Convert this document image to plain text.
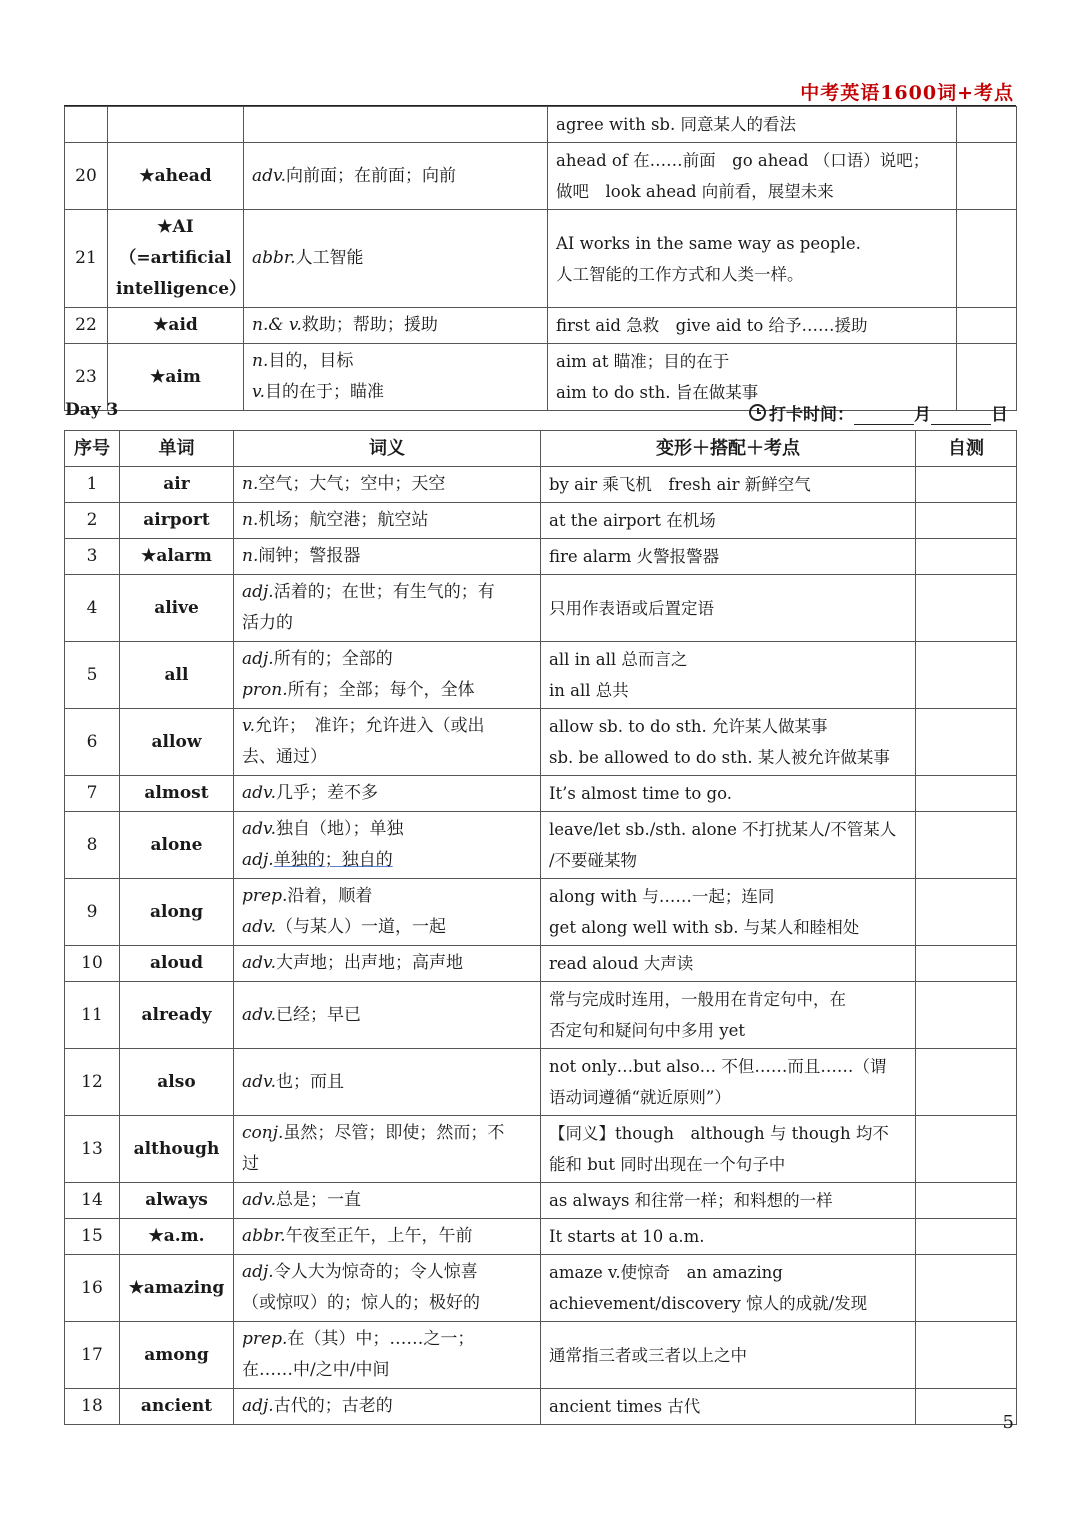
中考英语1600词+考点

			agree with sb. 同意某人的看法	

20	★ahead	adv.向前面；在前面；向前	ahead of 在……前面　go ahead （口语）说吧；
做吧　look ahead 向前看，展望未来	

21	★AI
（=artificial
intelligence）	abbr.人工智能	AI works in the same way as people.
人工智能的工作方式和人类一样。	

22	★aid	n.& v.救助；帮助；援助	first aid 急救　give aid to 给予……援助	

23	★aim	n.目的，目标
v.目的在于；瞄准	aim at 瞄准；目的在于
aim to do sth. 旨在做某事	

Day 3	打卡时间：	月	日
序号	单词	词义	变形＋搭配＋考点	自测
1	air	n.空气；大气；空中；天空	by air 乘飞机　fresh air 新鲜空气	

2	airport	n.机场；航空港；航空站	at the airport 在机场	

3	★alarm	n.闹钟；警报器	fire alarm 火警报警器	

4	alive	adj.活着的；在世；有生气的；有
活力的	只用作表语或后置定语	

5	all	adj.所有的；全部的
pron.所有；全部；每个，全体	all in all 总而言之
in all 总共	

6	allow	v.允许；　准许；允许进入（或出
去、通过）	allow sb. to do sth. 允许某人做某事
sb. be allowed to do sth. 某人被允许做某事	

7	almost	adv.几乎；差不多	It’s almost time to go.	

8	alone	adv.独自（地）；单独
adj.单独的；独自的	leave/let sb./sth. alone 不打扰某人/不管某人
/不要碰某物	

9	along	prep.沿着，顺着
adv.（与某人）一道，一起	along with 与……一起；连同
get along well with sb. 与某人和睦相处	

10	aloud	adv.大声地；出声地；高声地	read aloud 大声读	

11	already	adv.已经；早已	常与完成时连用，一般用在肯定句中，在
否定句和疑问句中多用 yet	

12	also	adv.也；而且	not only…but also… 不但……而且……（谓
语动词遵循“就近原则”）	

13	although	conj.虽然；尽管；即使；然而；不
过	【同义】though　although 与 though 均不
能和 but 同时出现在一个句子中	

14	always	adv.总是；一直	as always 和往常一样；和料想的一样	

15	★a.m.	abbr.午夜至正午，上午，午前	It starts at 10 a.m.	

16	★amazing	adj.令人大为惊奇的；令人惊喜
（或惊叹）的；惊人的；极好的	amaze v.使惊奇　an amazing
achievement/discovery 惊人的成就/发现	

17	among	prep.在（其）中；……之一；
在……中/之中/中间	通常指三者或三者以上之中	

18	ancient	adj.古代的；古老的	ancient times 古代	

5
